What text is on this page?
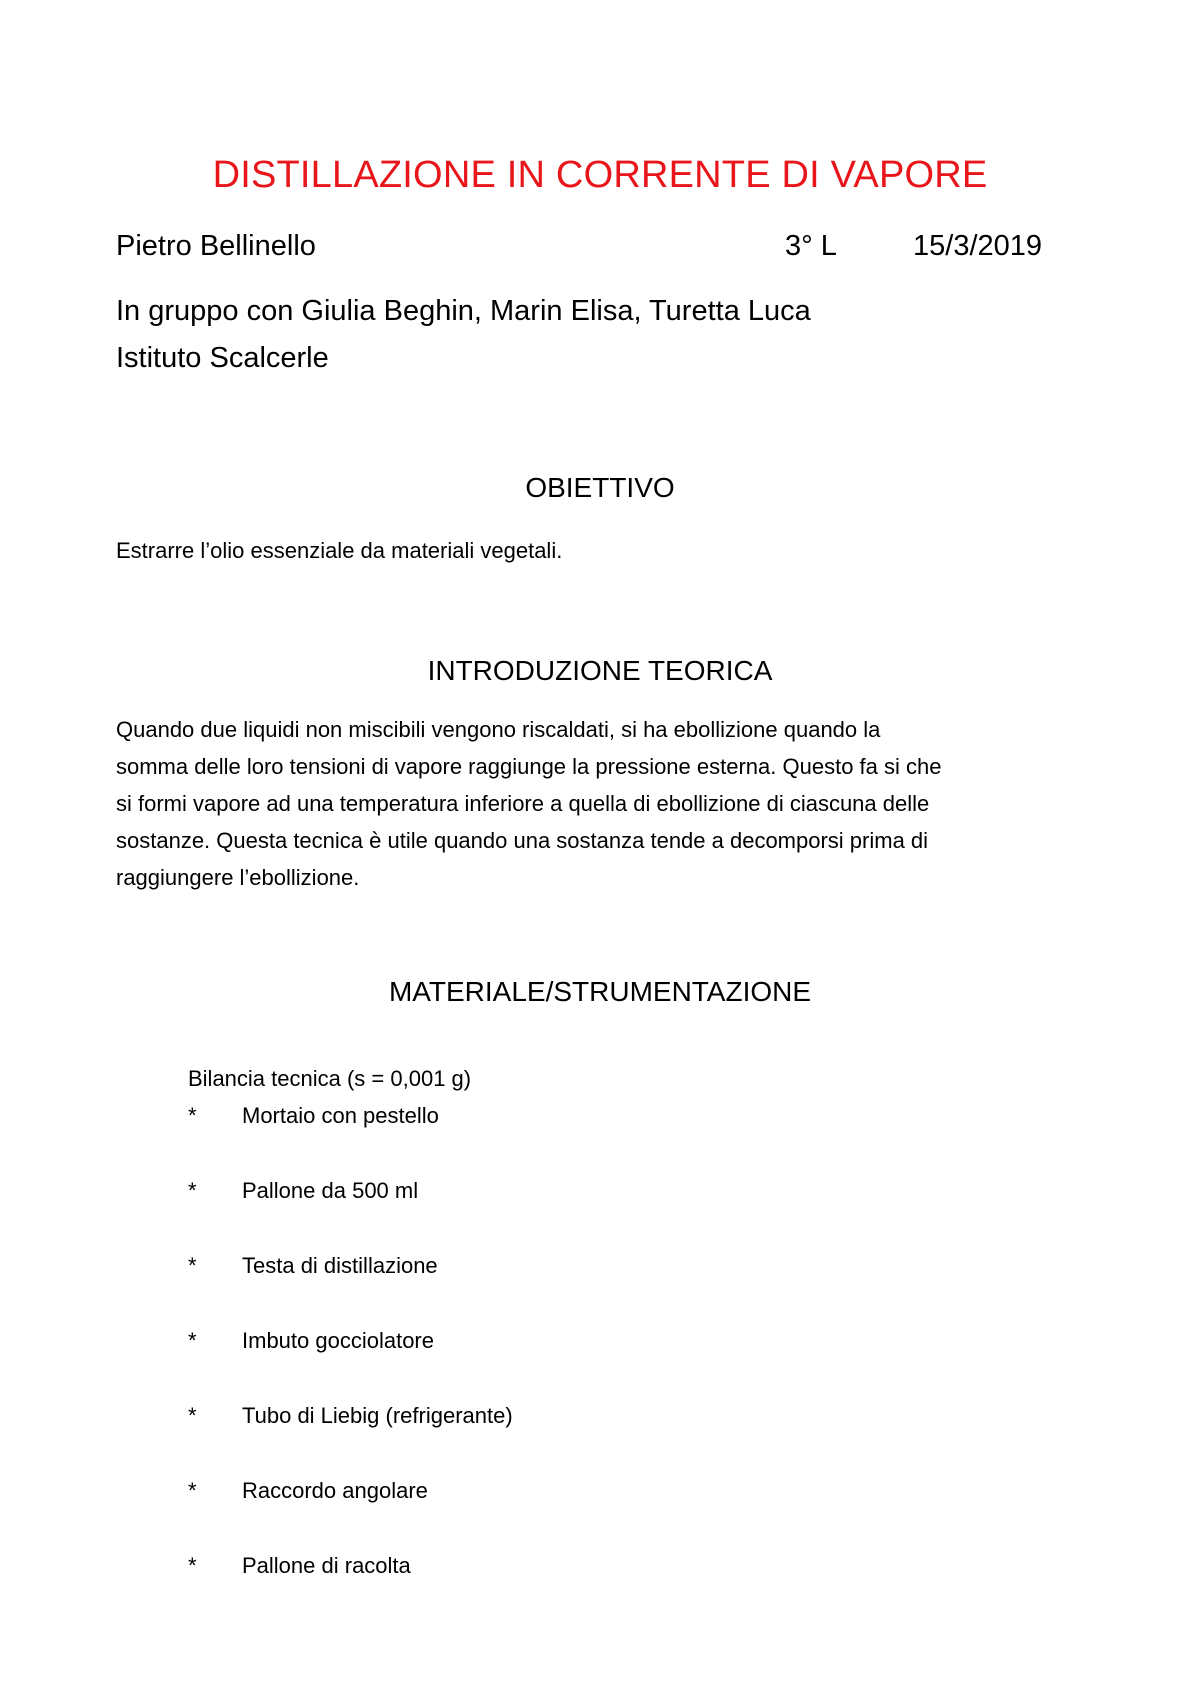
DISTILLAZIONE IN CORRENTE DI VAPORE
Pietro Bellinello	3° L	15/3/2019
In gruppo con Giulia Beghin, Marin Elisa, Turetta Luca
Istituto Scalcerle
OBIETTIVO
Estrarre l’olio essenziale da materiali vegetali.
INTRODUZIONE TEORICA
Quando due liquidi non miscibili vengono riscaldati, si ha ebollizione quando la
somma delle loro tensioni di vapore raggiunge la pressione esterna. Questo fa si che
si formi vapore ad una temperatura inferiore a quella di ebollizione di ciascuna delle
sostanze. Questa tecnica è utile quando una sostanza tende a decomporsi prima di
raggiungere l’ebollizione.
MATERIALE/STRUMENTAZIONE
Bilancia tecnica (s = 0,001 g)
* Mortaio con pestello
* Pallone da 500 ml
* Testa di distillazione
* Imbuto gocciolatore
* Tubo di Liebig (refrigerante)
* Raccordo angolare
* Pallone di racolta
